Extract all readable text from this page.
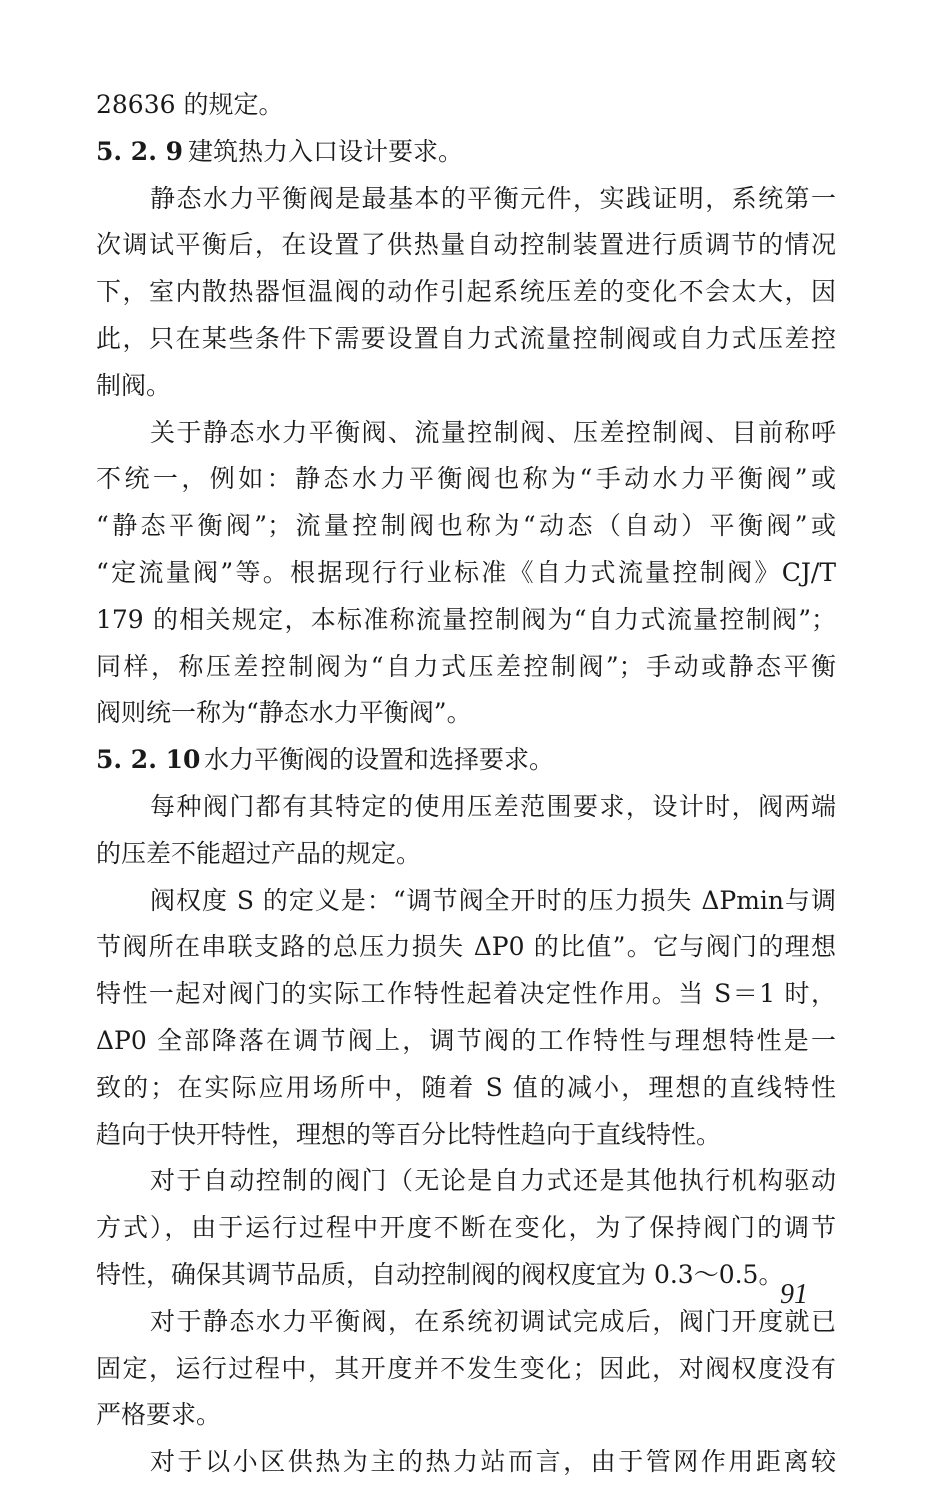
28636 的规定。
5. 2. 9 建筑热力入口设计要求。
静态水力平衡阀是最基本的平衡元件，实践证明，系统第一
次调试平衡后，在设置了供热量自动控制装置进行质调节的情况
下，室内散热器恒温阀的动作引起系统压差的变化不会太大，因
此，只在某些条件下需要设置自力式流量控制阀或自力式压差控
制阀。
关于静态水力平衡阀、流量控制阀、压差控制阀、目前称呼
不统一，例如：静态水力平衡阀也称为“手动水力平衡阀”或
“静态平衡阀”；流量控制阀也称为“动态（自动）平衡阀”或
“定流量阀”等。根据现行行业标准《自力式流量控制阀》CJ/T
179 的相关规定，本标准称流量控制阀为“自力式流量控制阀”；
同样，称压差控制阀为“自力式压差控制阀”；手动或静态平衡
阀则统一称为“静态水力平衡阀”。
5. 2. 10 水力平衡阀的设置和选择要求。
每种阀门都有其特定的使用压差范围要求，设计时，阀两端
的压差不能超过产品的规定。
阀权度 S 的定义是：“调节阀全开时的压力损失 ΔPmin与调
节阀所在串联支路的总压力损失 ΔP0 的比值”。它与阀门的理想
特性一起对阀门的实际工作特性起着决定性作用。当 S＝1 时，
ΔP0 全部降落在调节阀上，调节阀的工作特性与理想特性是一
致的；在实际应用场所中，随着 S 值的减小，理想的直线特性
趋向于快开特性，理想的等百分比特性趋向于直线特性。
对于自动控制的阀门（无论是自力式还是其他执行机构驱动
方式），由于运行过程中开度不断在变化，为了保持阀门的调节
特性，确保其调节品质，自动控制阀的阀权度宜为 0.3～0.5。
对于静态水力平衡阀，在系统初调试完成后，阀门开度就已
固定，运行过程中，其开度并不发生变化；因此，对阀权度没有
严格要求。
对于以小区供热为主的热力站而言，由于管网作用距离较
91
